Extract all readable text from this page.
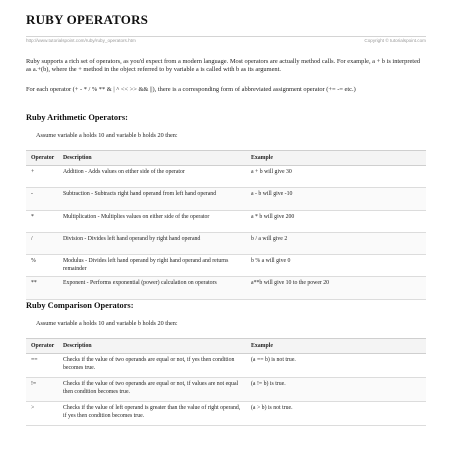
RUBY OPERATORS
http://www.tutorialspoint.com/ruby/ruby_operators.htm	Copyright © tutorialspoint.com
Ruby supports a rich set of operators, as you'd expect from a modern language. Most operators are actually method calls. For example, a + b is interpreted as a.+(b), where the + method in the object referred to by variable a is called with b as its argument.
For each operator (+ - * / % ** & | ^ << >> && ||), there is a corresponding form of abbreviated assignment operator (+= -= etc.)
Ruby Arithmetic Operators:
Assume variable a holds 10 and variable b holds 20 then:
Operator	Description	Example
+	Addition - Adds values on either side of the operator	a + b will give 30
-	Subtraction - Subtracts right hand operand from left hand operand	a - b will give -10
*	Multiplication - Multiplies values on either side of the operator	a * b will give 200
/	Division - Divides left hand operand by right hand operand	b / a will give 2
%	Modulus - Divides left hand operand by right hand operand and returns remainder	b % a will give 0
**	Exponent - Performs exponential (power) calculation on operators	a**b will give 10 to the power 20
Ruby Comparison Operators:
Assume variable a holds 10 and variable b holds 20 then:
Operator	Description	Example
==	Checks if the value of two operands are equal or not, if yes then condition becomes true.	(a == b) is not true.
!=	Checks if the value of two operands are equal or not, if values are not equal then condition becomes true.	(a != b) is true.
>	Checks if the value of left operand is greater than the value of right operand, if yes then condition becomes true.	(a > b) is not true.
